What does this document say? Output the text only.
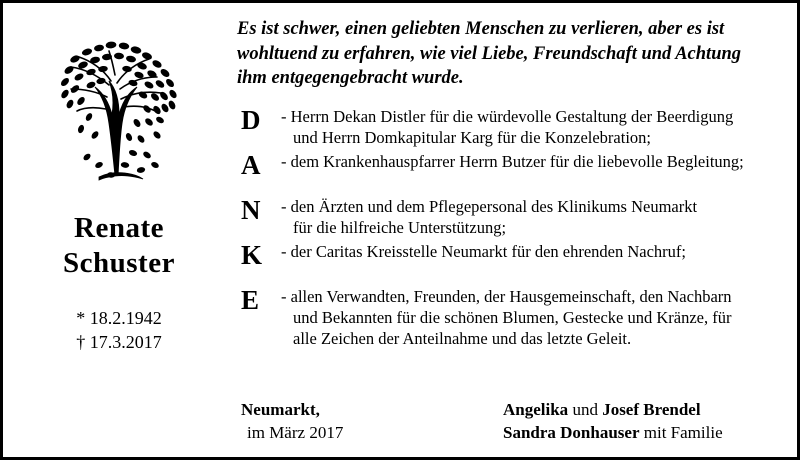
Renate
Schuster
* 18.2.1942
† 17.3.2017
Es ist schwer, einen geliebten Menschen zu verlieren, aber es ist wohltuend zu erfahren, wie viel Liebe, Freundschaft und Achtung ihm entgegengebracht wurde.
D
A
N
K
E
- Herrn Dekan Distler für die würdevolle Gestaltung der Beerdigung
und Herrn Domkapitular Karg für die Konzelebration;
- dem Krankenhauspfarrer Herrn Butzer für die liebevolle Begleitung;
- den Ärzten und dem Pflegepersonal des Klinikums Neumarkt
für die hilfreiche Unterstützung;
- der Caritas Kreisstelle Neumarkt für den ehrenden Nachruf;
- allen Verwandten, Freunden, der Hausgemeinschaft, den Nachbarn
und Bekannten für die schönen Blumen, Gestecke und Kränze, für
alle Zeichen der Anteilnahme und das letzte Geleit.
Neumarkt,
im März 2017
Angelika und Josef Brendel
Sandra Donhauser mit Familie
